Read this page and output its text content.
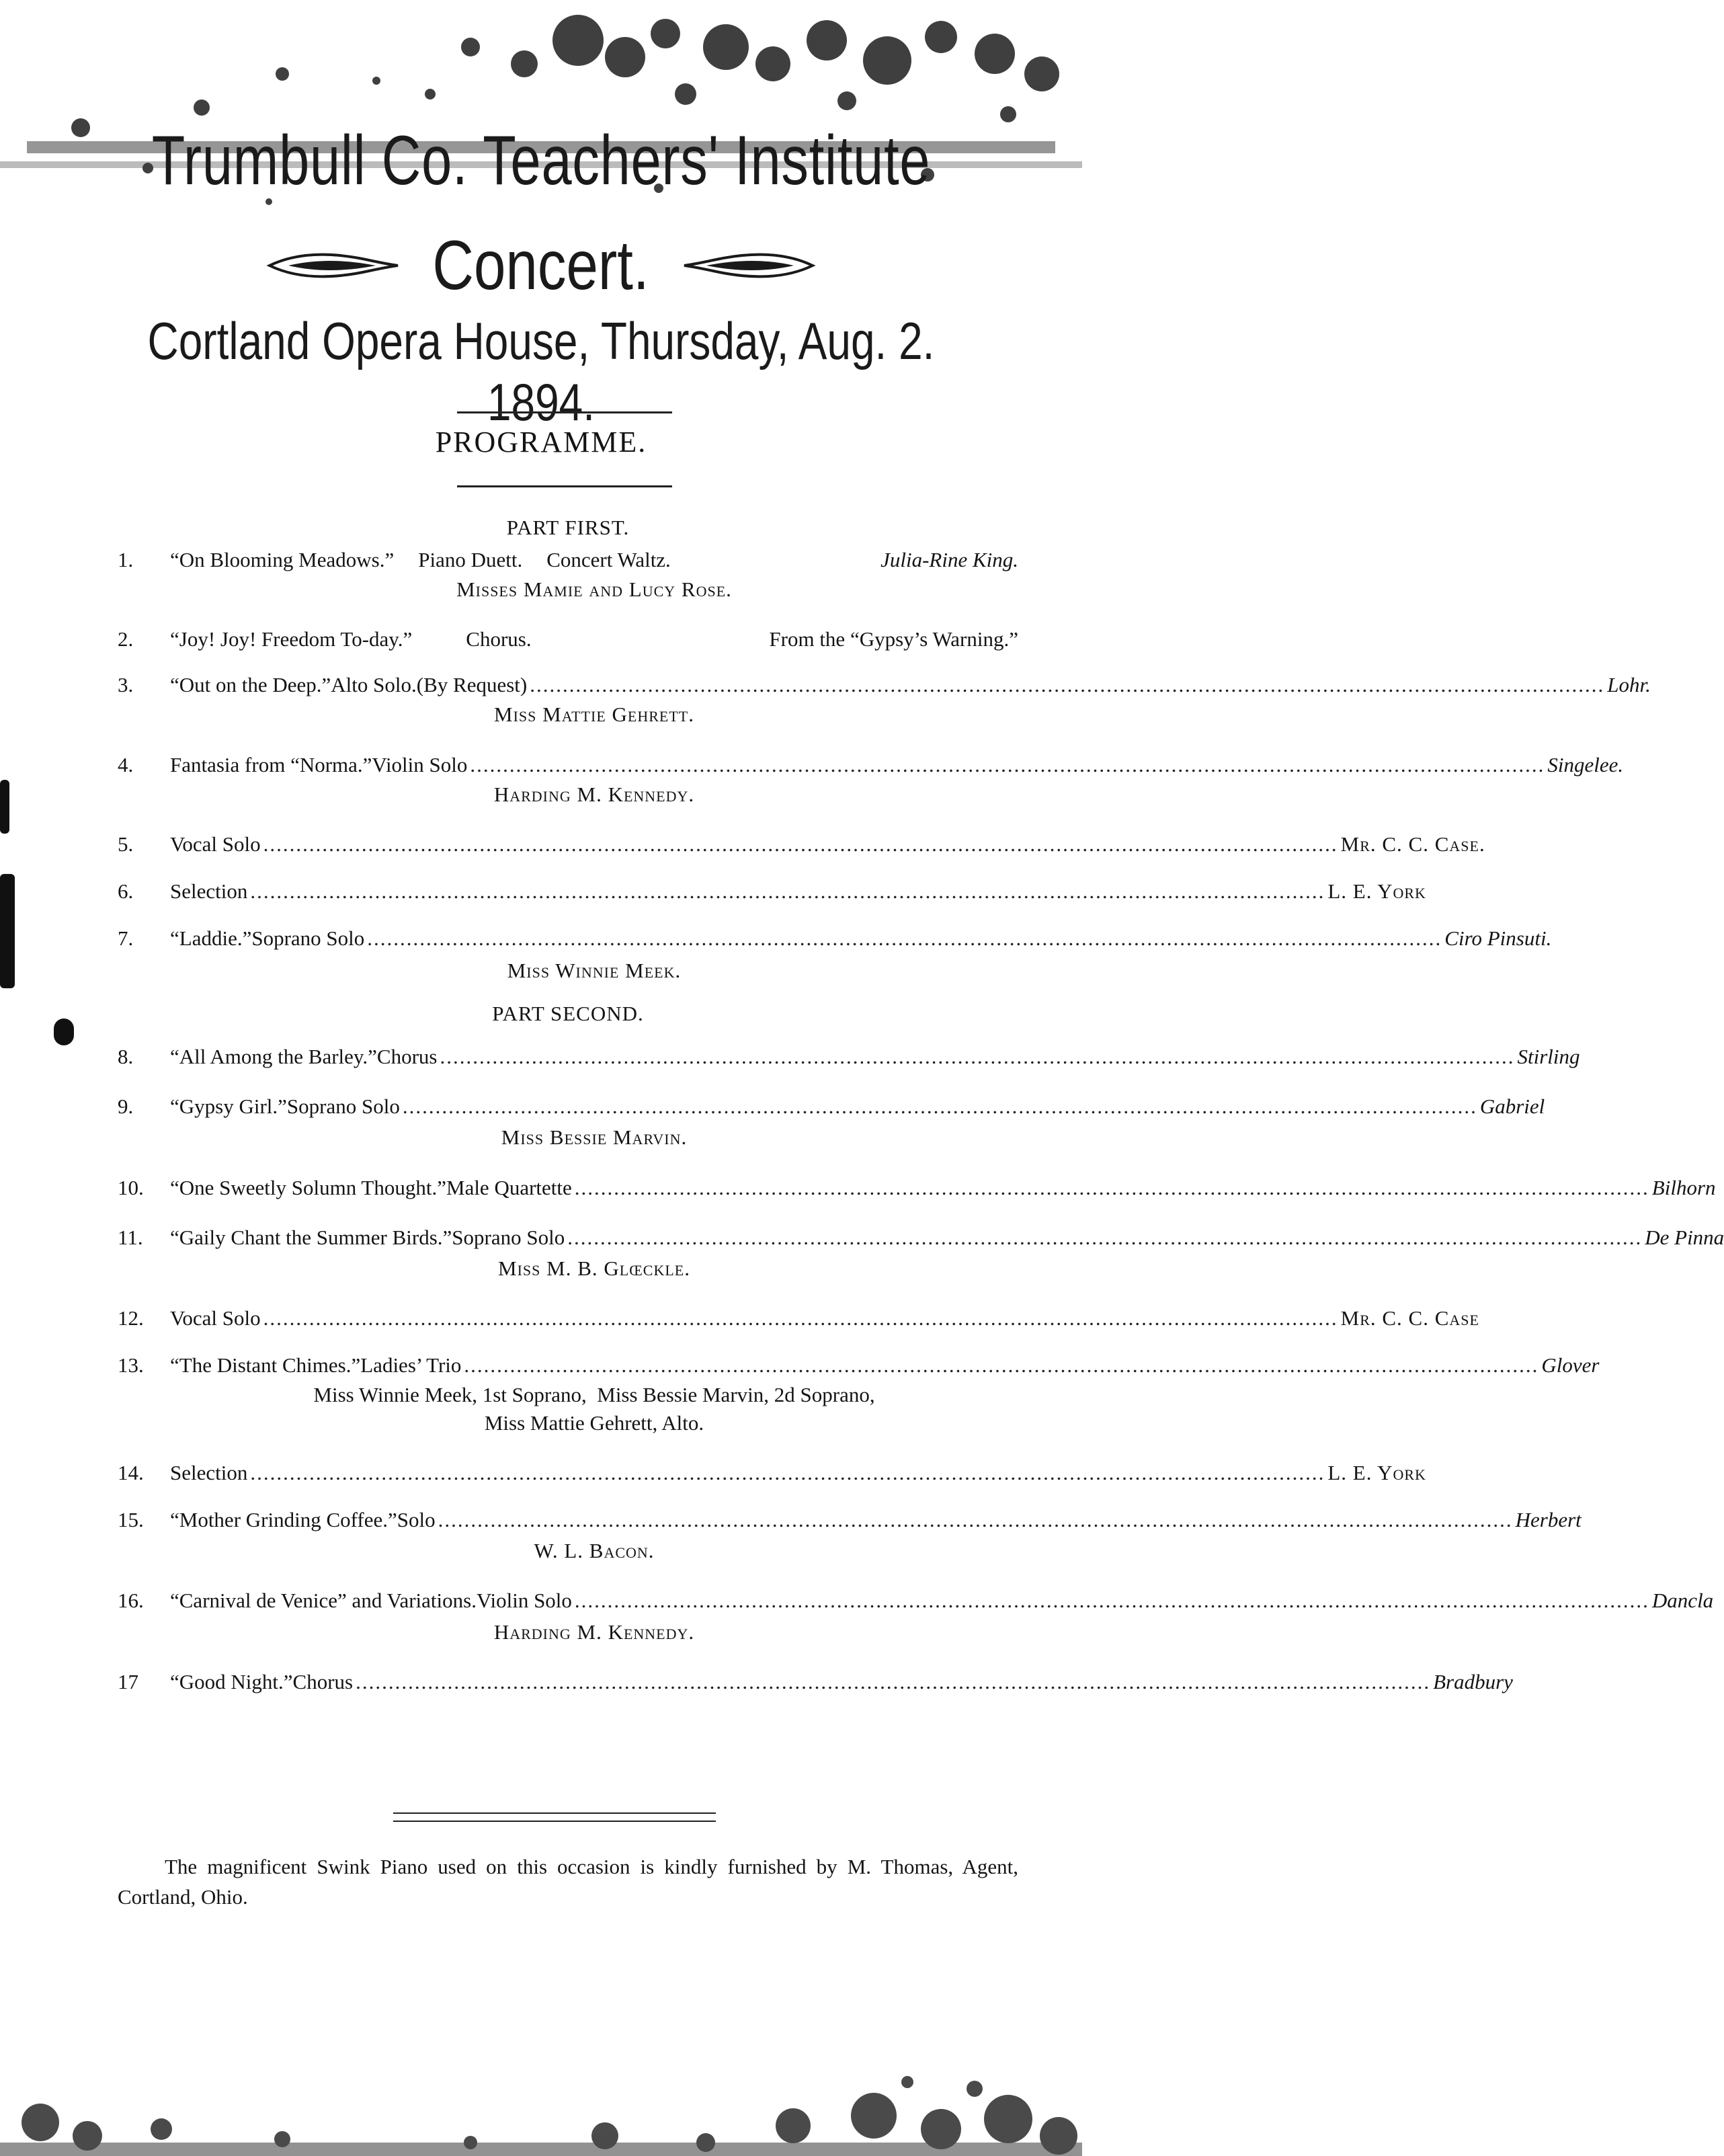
Trumbull Co. Teachers' Institute
Concert.
Cortland Opera House, Thursday, Aug. 2. 1894.
PROGRAMME.

PART FIRST.

1.	“On Blooming Meadows.” Piano Duett. Concert Waltz.	Julia-Rine King.
Misses Mamie and Lucy Rose.
2.	“Joy! Joy! Freedom To-day.”	Chorus.	From the “Gypsy’s Warning.”
3.	“Out on the Deep.” Alto Solo. (By Request) .................................................................................................................................................................... Lohr.
Miss Mattie Gehrett.
4.	Fantasia from “Norma.” Violin Solo .................................................................................................................................................................... Singelee.
Harding M. Kennedy.
5.	Vocal Solo .................................................................................................................................................................... Mr. C. C. Case.
6.	Selection .................................................................................................................................................................... L. E. York
7.	“Laddie.” Soprano Solo .................................................................................................................................................................... Ciro Pinsuti.
Miss Winnie Meek.

PART SECOND.

8.	“All Among the Barley.” Chorus .................................................................................................................................................................... Stirling
9.	“Gypsy Girl.” Soprano Solo .................................................................................................................................................................... Gabriel
Miss Bessie Marvin.
10.	“One Sweetly Solumn Thought.” Male Quartette .................................................................................................................................................................... Bilhorn
11.	“Gaily Chant the Summer Birds.” Soprano Solo .................................................................................................................................................................... De Pinna
Miss M. B. Glœckle.
12.	Vocal Solo .................................................................................................................................................................... Mr. C. C. Case
13.	“The Distant Chimes.” Ladies’ Trio .................................................................................................................................................................... Glover
Miss Winnie Meek, 1st Soprano,  Miss Bessie Marvin, 2d Soprano,
Miss Mattie Gehrett, Alto.
14.	Selection .................................................................................................................................................................... L. E. York
15.	“Mother Grinding Coffee.” Solo .................................................................................................................................................................... Herbert
W. L. Bacon.
16.	“Carnival de Venice” and Variations. Violin Solo .................................................................................................................................................................... Dancla
Harding M. Kennedy.
17	“Good Night.” Chorus .................................................................................................................................................................... Bradbury
The magnificent Swink Piano used on this occasion is kindly furnished by M. Thomas, Agent, Cortland, Ohio.
